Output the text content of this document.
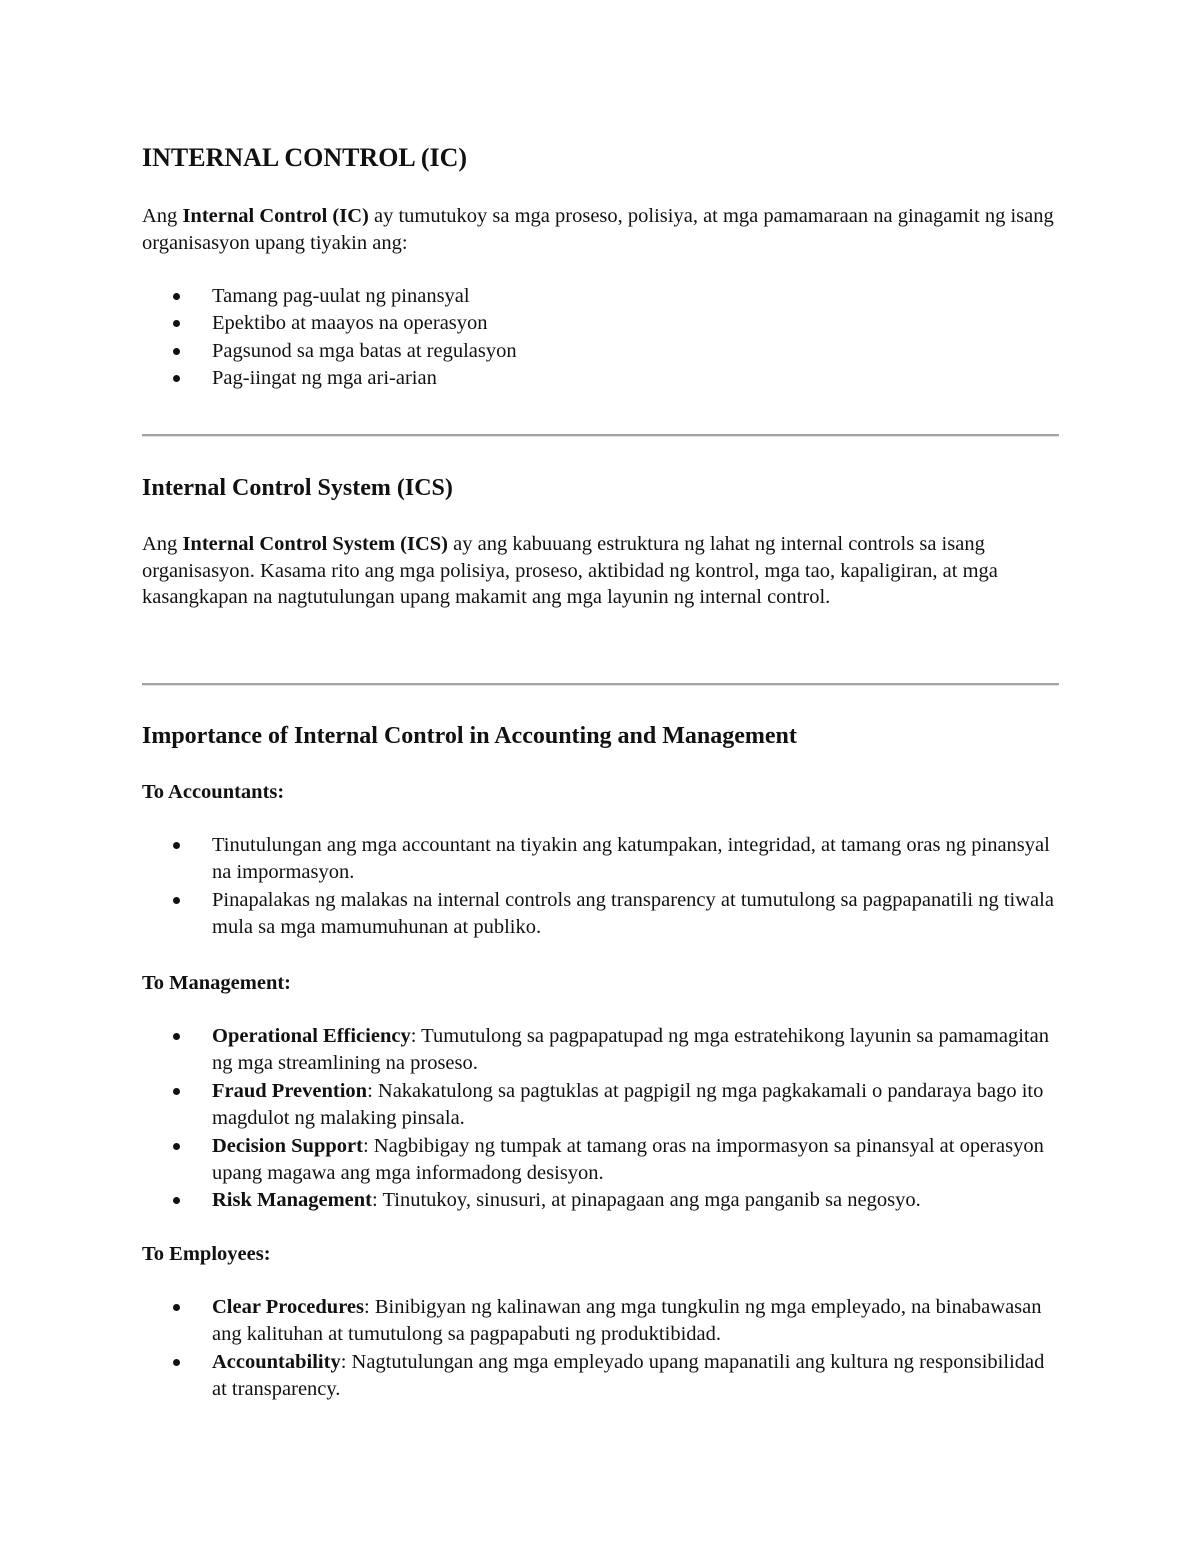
INTERNAL CONTROL (IC)

Ang Internal Control (IC) ay tumutukoy sa mga proseso, polisiya, at mga pamamaraan na ginagamit ng isang organisasyon upang tiyakin ang:

Tamang pag-uulat ng pinansyal
Epektibo at maayos na operasyon
Pagsunod sa mga batas at regulasyon
Pag-iingat ng mga ari-arian
Internal Control System (ICS)

Ang Internal Control System (ICS) ay ang kabuuang estruktura ng lahat ng internal controls sa isang organisasyon. Kasama rito ang mga polisiya, proseso, aktibidad ng kontrol, mga tao, kapaligiran, at mga kasangkapan na nagtutulungan upang makamit ang mga layunin ng internal control.

Importance of Internal Control in Accounting and Management

To Accountants:

Tinutulungan ang mga accountant na tiyakin ang katumpakan, integridad, at tamang oras ng pinansyal na impormasyon.
Pinapalakas ng malakas na internal controls ang transparency at tumutulong sa pagpapanatili ng tiwala mula sa mga mamumuhunan at publiko.

To Management:

Operational Efficiency: Tumutulong sa pagpapatupad ng mga estratehikong layunin sa pamamagitan ng mga streamlining na proseso.
Fraud Prevention: Nakakatulong sa pagtuklas at pagpigil ng mga pagkakamali o pandaraya bago ito magdulot ng malaking pinsala.
Decision Support: Nagbibigay ng tumpak at tamang oras na impormasyon sa pinansyal at operasyon upang magawa ang mga informadong desisyon.
Risk Management: Tinutukoy, sinusuri, at pinapagaan ang mga panganib sa negosyo.

To Employees:

Clear Procedures: Binibigyan ng kalinawan ang mga tungkulin ng mga empleyado, na binabawasan ang kalituhan at tumutulong sa pagpapabuti ng produktibidad.
Accountability: Nagtutulungan ang mga empleyado upang mapanatili ang kultura ng responsibilidad at transparency.
